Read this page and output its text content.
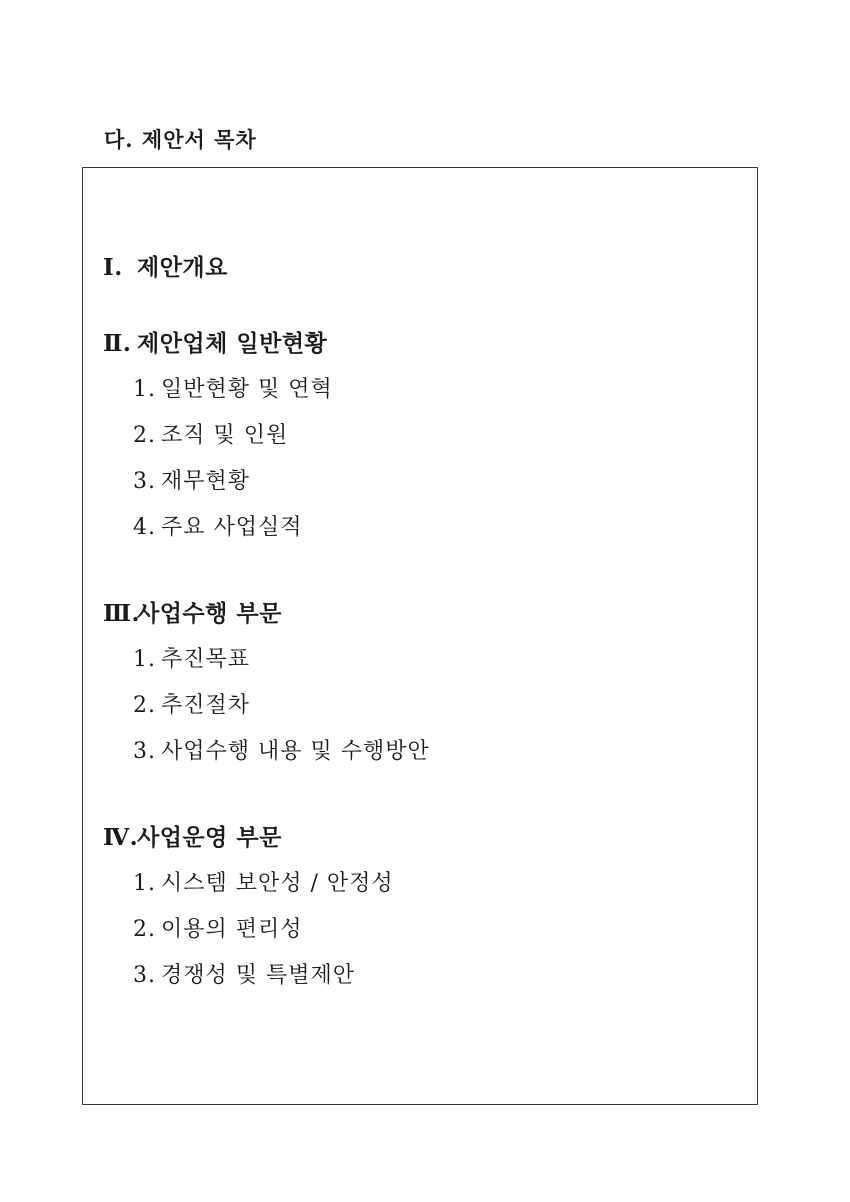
다. 제안서 목차
Ⅰ. 제안개요
Ⅱ. 제안업체 일반현황
1. 일반현황 및 연혁
2. 조직 및 인원
3. 재무현황
4. 주요 사업실적
Ⅲ.사업수행 부문
1. 추진목표
2. 추진절차
3. 사업수행 내용 및 수행방안
Ⅳ.사업운영 부문
1. 시스템 보안성 / 안정성
2. 이용의 편리성
3. 경쟁성 및 특별제안
